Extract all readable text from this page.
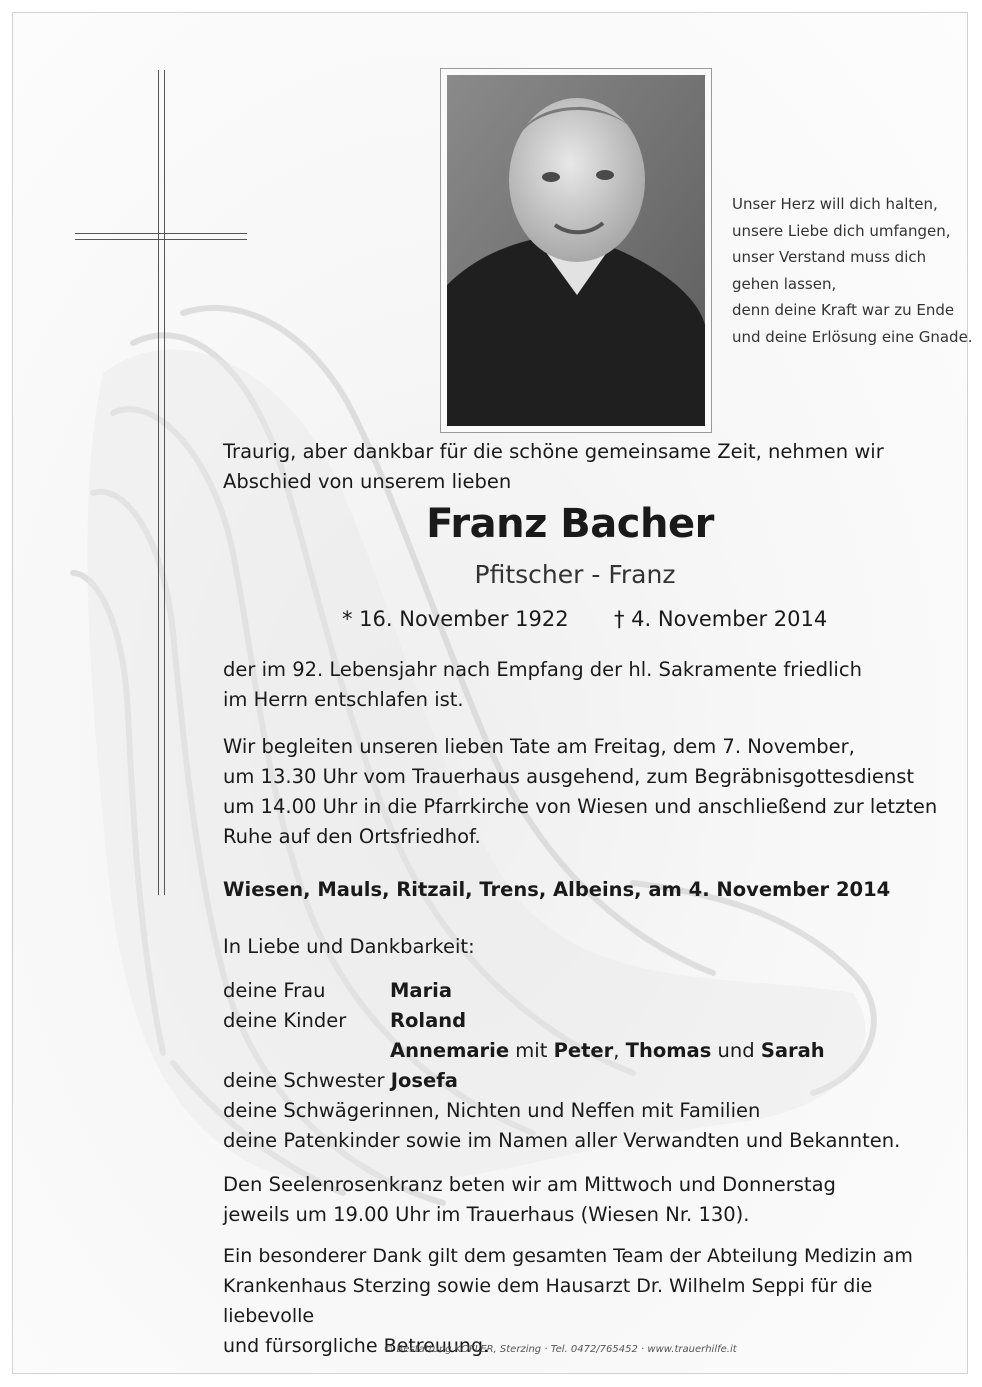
Unser Herz will dich halten,
unsere Liebe dich umfangen,
unser Verstand muss dich
gehen lassen,
denn deine Kraft war zu Ende
und deine Erlösung eine Gnade.
Traurig, aber dankbar für die schöne gemeinsame Zeit, nehmen wir
Abschied von unserem lieben
Franz Bacher
Pfitscher - Franz
* 16. November 1922 † 4. November 2014
der im 92. Lebensjahr nach Empfang der hl. Sakramente friedlich
im Herrn entschlafen ist.
Wir begleiten unseren lieben Tate am Freitag, dem 7. November,
um 13.30 Uhr vom Trauerhaus ausgehend, zum Begräbnisgottesdienst
um 14.00 Uhr in die Pfarrkirche von Wiesen und anschließend zur letzten
Ruhe auf den Ortsfriedhof.
Wiesen, Mauls, Ritzail, Trens, Albeins, am 4. November 2014
In Liebe und Dankbarkeit:
deine Frau	Maria
deine Kinder Roland
Annemarie mit Peter, Thomas und Sarah
deine Schwester Josefa
deine Schwägerinnen, Nichten und Neffen mit Familien
deine Patenkinder sowie im Namen aller Verwandten und Bekannten.
Den Seelenrosenkranz beten wir am Mittwoch und Donnerstag
jeweils um 19.00 Uhr im Trauerhaus (Wiesen Nr. 130).
Ein besonderer Dank gilt dem gesamten Team der Abteilung Medizin am
Krankenhaus Sterzing sowie dem Hausarzt Dr. Wilhelm Seppi für die liebevolle
und fürsorgliche Betreuung.
© Bestattung KOFLER, Sterzing · Tel. 0472/765452 · www.trauerhilfe.it
